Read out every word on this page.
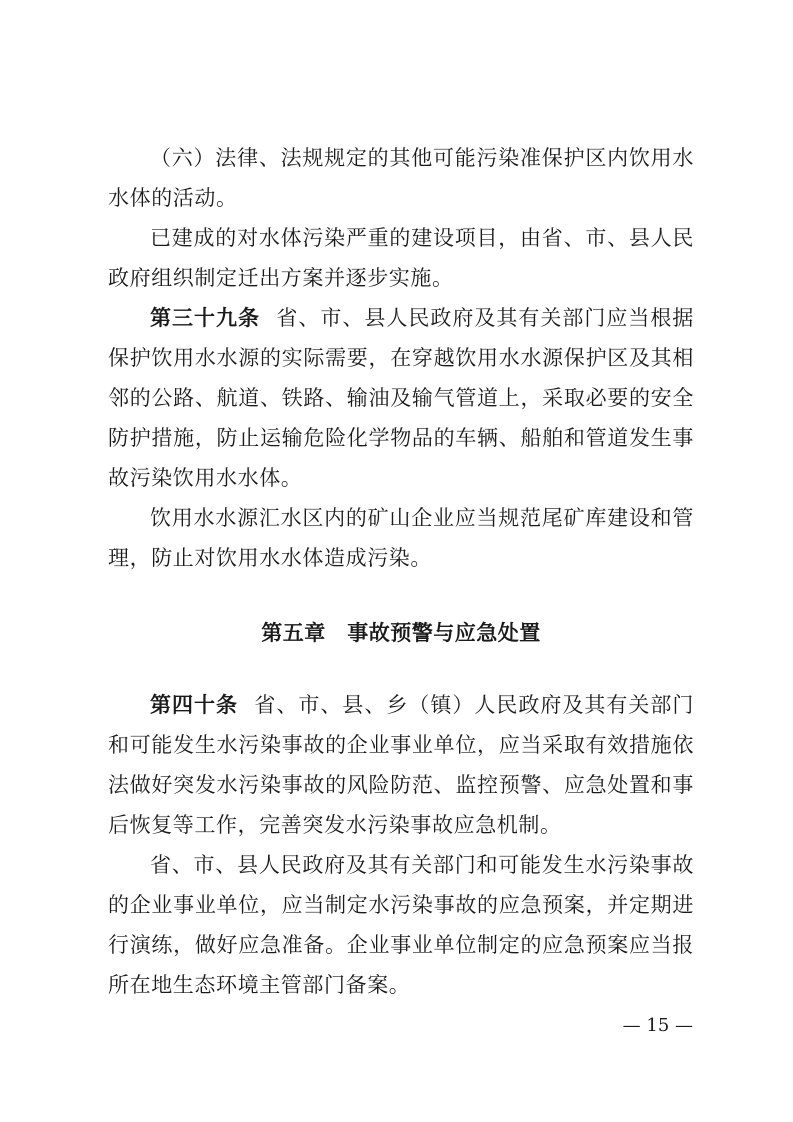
（六）法律、法规规定的其他可能污染准保护区内饮用水水体的活动。

已建成的对水体污染严重的建设项目，由省、市、县人民政府组织制定迁出方案并逐步实施。

第三十九条 省、市、县人民政府及其有关部门应当根据保护饮用水水源的实际需要，在穿越饮用水水源保护区及其相邻的公路、航道、铁路、输油及输气管道上，采取必要的安全防护措施，防止运输危险化学物品的车辆、船舶和管道发生事故污染饮用水水体。

饮用水水源汇水区内的矿山企业应当规范尾矿库建设和管理，防止对饮用水水体造成污染。

第五章　事故预警与应急处置

第四十条 省、市、县、乡（镇）人民政府及其有关部门和可能发生水污染事故的企业事业单位，应当采取有效措施依法做好突发水污染事故的风险防范、监控预警、应急处置和事后恢复等工作，完善突发水污染事故应急机制。

省、市、县人民政府及其有关部门和可能发生水污染事故的企业事业单位，应当制定水污染事故的应急预案，并定期进行演练，做好应急准备。企业事业单位制定的应急预案应当报所在地生态环境主管部门备案。

— 15 —
